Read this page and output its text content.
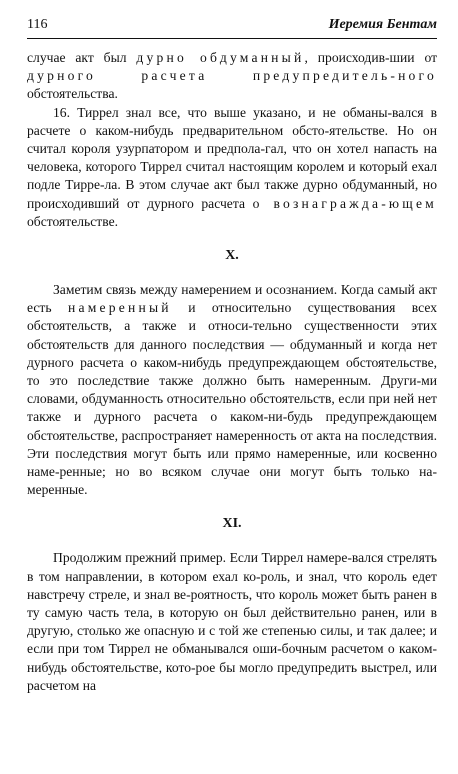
116	Иеремия Бентам

случае акт был дурно обдуманный, происходив-шии от дурного расчета предупредитель-ного обстоятельства.

16. Тиррел знал все, что выше указано, и не обманы-вался в расчете о каком-нибудь предварительном обсто-ятельстве. Но он считал короля узурпатором и предпола-гал, что он хотел напасть на человека, которого Тиррел считал настоящим королем и который ехал подле Тирре-ла. В этом случае акт был также дурно обдуманный, но происходивший от дурного расчета о вознагражда-ющем обстоятельстве.

X.

Заметим связь между намерением и осознанием. Когда самый акт есть намеренный и относительно существования всех обстоятельств, а также и относи-тельно существенности этих обстоятельств для данного последствия — обдуманный и когда нет дурного расчета о каком-нибудь предупреждающем обстоятельстве, то это последствие также должно быть намеренным. Други-ми словами, обдуманность относительно обстоятельств, если при ней нет также и дурного расчета о каком-ни-будь предупреждающем обстоятельстве, распространяет намеренность от акта на последствия. Эти последствия могут быть или прямо намеренные, или косвенно наме-ренные; но во всяком случае они могут быть только на-меренные.

XI.

Продолжим прежний пример. Если Тиррел намере-вался стрелять в том направлении, в котором ехал ко-роль, и знал, что король едет навстречу стреле, и знал ве-роятность, что король может быть ранен в ту самую часть тела, в которую он был действительно ранен, или в другую, столько же опасную и с той же степенью силы, и так далее; и если при том Тиррел не обманывался оши-бочным расчетом о каком-нибудь обстоятельстве, кото-рое бы могло предупредить выстрел, или расчетом на
